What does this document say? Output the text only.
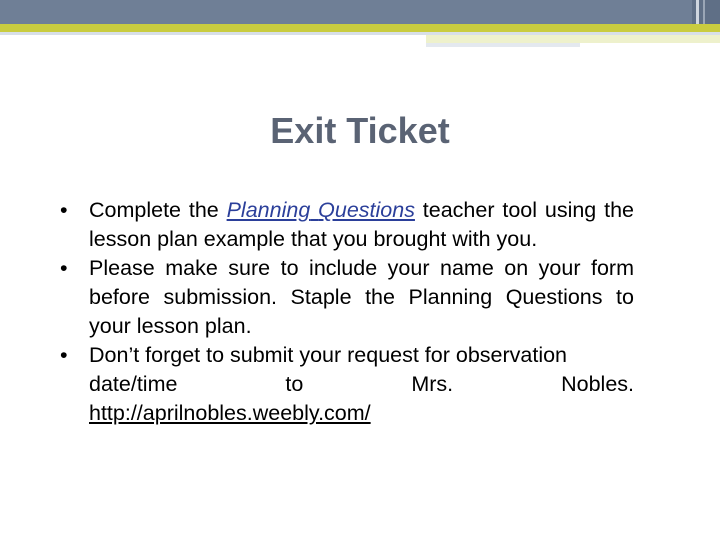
Exit Ticket
• Complete the Planning Questions teacher tool using the lesson plan example that you brought with you.
• Please make sure to include your name on your form before submission. Staple the Planning Questions to your lesson plan.
• Don’t forget to submit your request for observation
date/time to Mrs. Nobles.
http://aprilnobles.weebly.com/
